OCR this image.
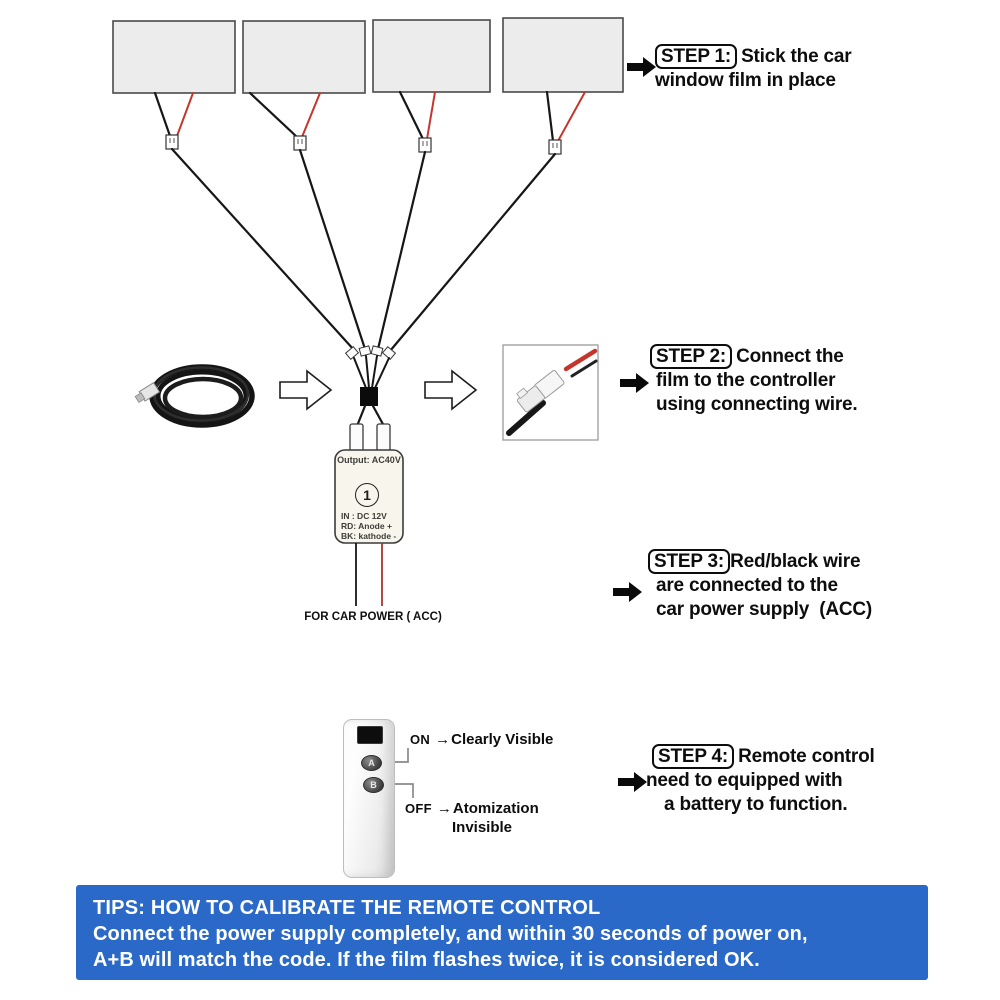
STEP 1: Stick the car
window film in place
STEP 2: Connect the
film to the controller
using connecting wire.
STEP 3: Red/black wire
are connected to the
car power supply  (ACC)
STEP 4: Remote control
need to equipped with
a battery to function.
Output: AC40V
1
IN : DC 12V
RD: Anode +
BK: kathode -
FOR CAR POWER ( ACC)
A
B
ON →Clearly Visible
OFF →Atomization
Invisible
TIPS: HOW TO CALIBRATE THE REMOTE CONTROL
Connect the power supply completely, and within 30 seconds of power on,
A+B will match the code. If the film flashes twice, it is considered OK.
